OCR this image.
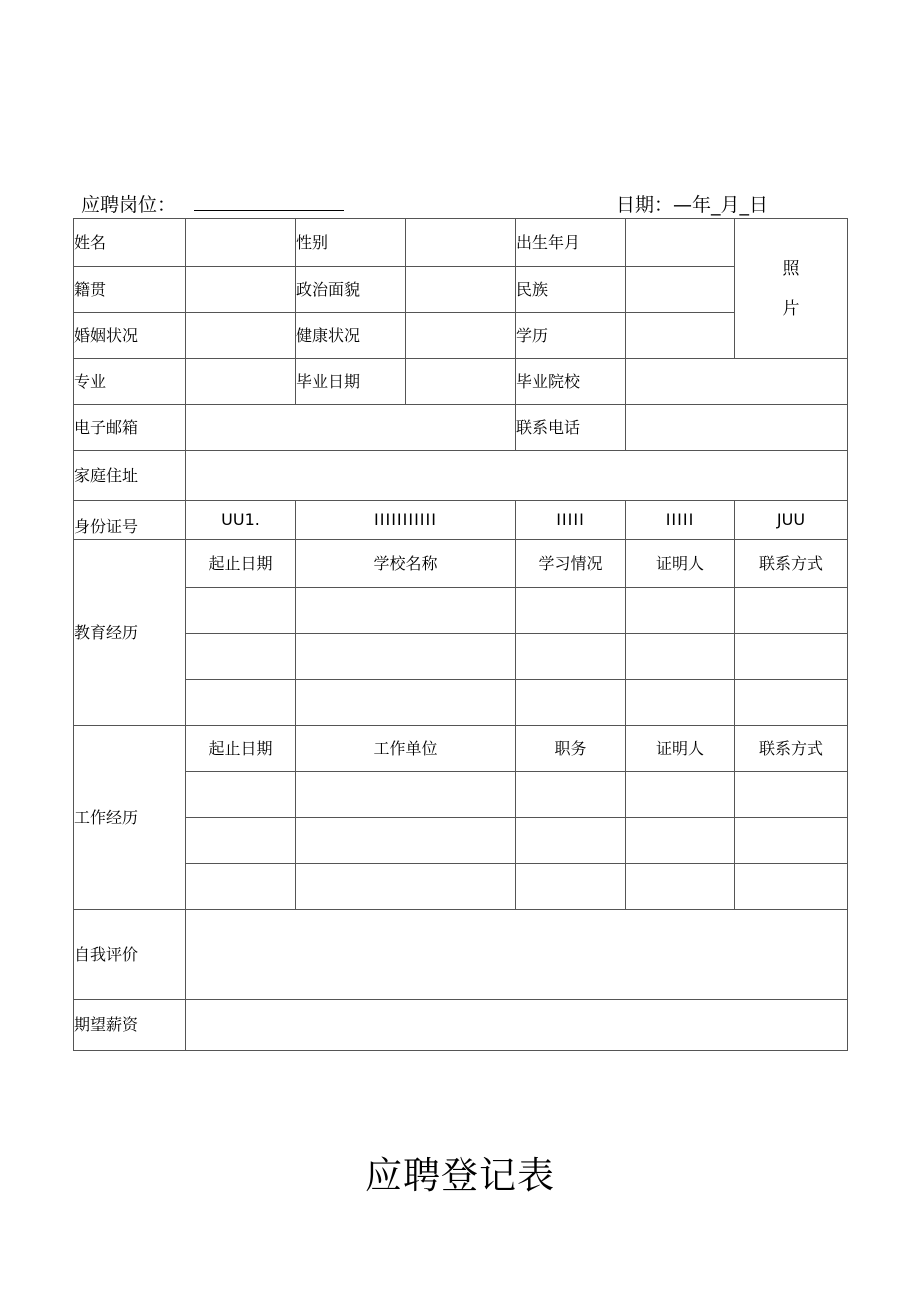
应聘岗位：	日期：—年_月_日
姓名		性别		出生年月		照
片

籍贯		政治面貌		民族		
婚姻状况		健康状况		学历		
专业		毕业日期		毕业院校		
电子邮箱				联系电话		
家庭住址						
身份证号	UU1.	IIIIIIIIIII		IIIII	IIIII	JUU
教育经历	起止日期	学校名称		学习情况	证明人	联系方式

工作经历	起止日期	工作单位		职务	证明人	联系方式

自我评价						
期望薪资						
应聘登记表
